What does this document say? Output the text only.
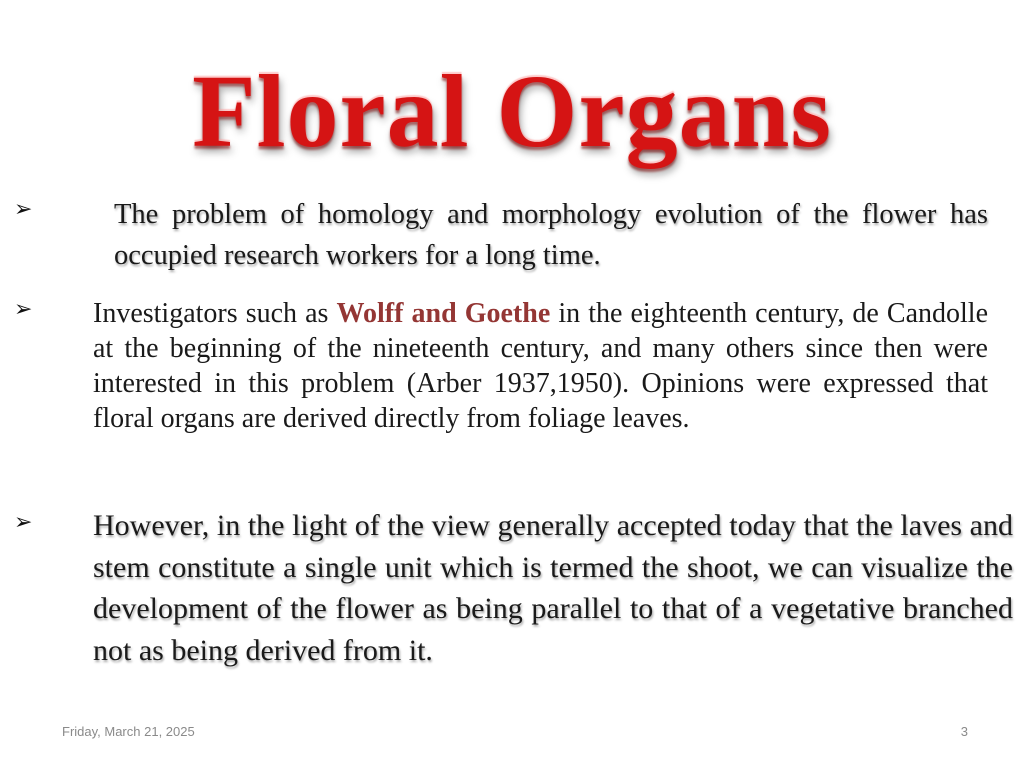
Floral Organs
➢	The problem of homology and morphology evolution of the flower has occupied research workers for a long time.

➢ Investigators such as Wolff and Goethe in the eighteenth century, de Candolle at the beginning of the nineteenth century, and many others since then were interested in this problem (Arber 1937,1950). Opinions were expressed that floral organs are derived directly from foliage leaves.

➢ However, in the light of the view generally accepted today that the laves and stem constitute a single unit which is termed the shoot, we can visualize the development of the flower as being parallel to that of a vegetative branched not as being derived from it.

Friday, March 21, 2025	3
